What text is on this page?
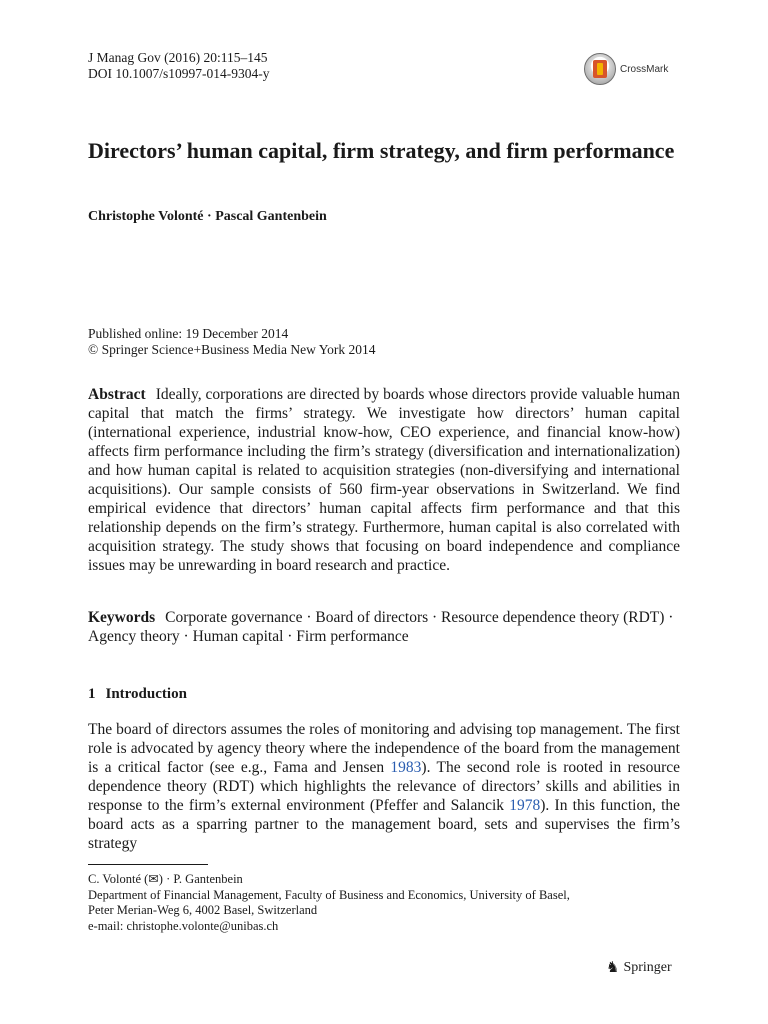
J Manag Gov (2016) 20:115–145
DOI 10.1007/s10997-014-9304-y	CrossMark
Directors’ human capital, firm strategy, and firm performance
Christophe Volonté · Pascal Gantenbein
Published online: 19 December 2014
© Springer Science+Business Media New York 2014

Abstract Ideally, corporations are directed by boards whose directors provide valuable human capital that match the firms’ strategy. We investigate how directors’ human capital (international experience, industrial know-how, CEO experience, and financial know-how) affects firm performance including the firm’s strategy (diversification and internationalization) and how human capital is related to acquisition strategies (non-diversifying and international acquisitions). Our sample consists of 560 firm-year observations in Switzerland. We find empirical evidence that directors’ human capital affects firm performance and that this relationship depends on the firm’s strategy. Furthermore, human capital is also correlated with acquisition strategy. The study shows that focusing on board independence and compliance issues may be unrewarding in board research and practice.

Keywords Corporate governance · Board of directors · Resource dependence theory (RDT) · Agency theory · Human capital · Firm performance

1 Introduction

The board of directors assumes the roles of monitoring and advising top management. The first role is advocated by agency theory where the independence of the board from the management is a critical factor (see e.g., Fama and Jensen 1983). The second role is rooted in resource dependence theory (RDT) which highlights the relevance of directors’ skills and abilities in response to the firm’s external environment (Pfeffer and Salancik 1978). In this function, the board acts as a sparring partner to the management board, sets and supervises the firm’s strategy

C. Volonté (✉) · P. Gantenbein
Department of Financial Management, Faculty of Business and Economics, University of Basel,
Peter Merian-Weg 6, 4002 Basel, Switzerland
e-mail: christophe.volonte@unibas.ch
♞ Springer
